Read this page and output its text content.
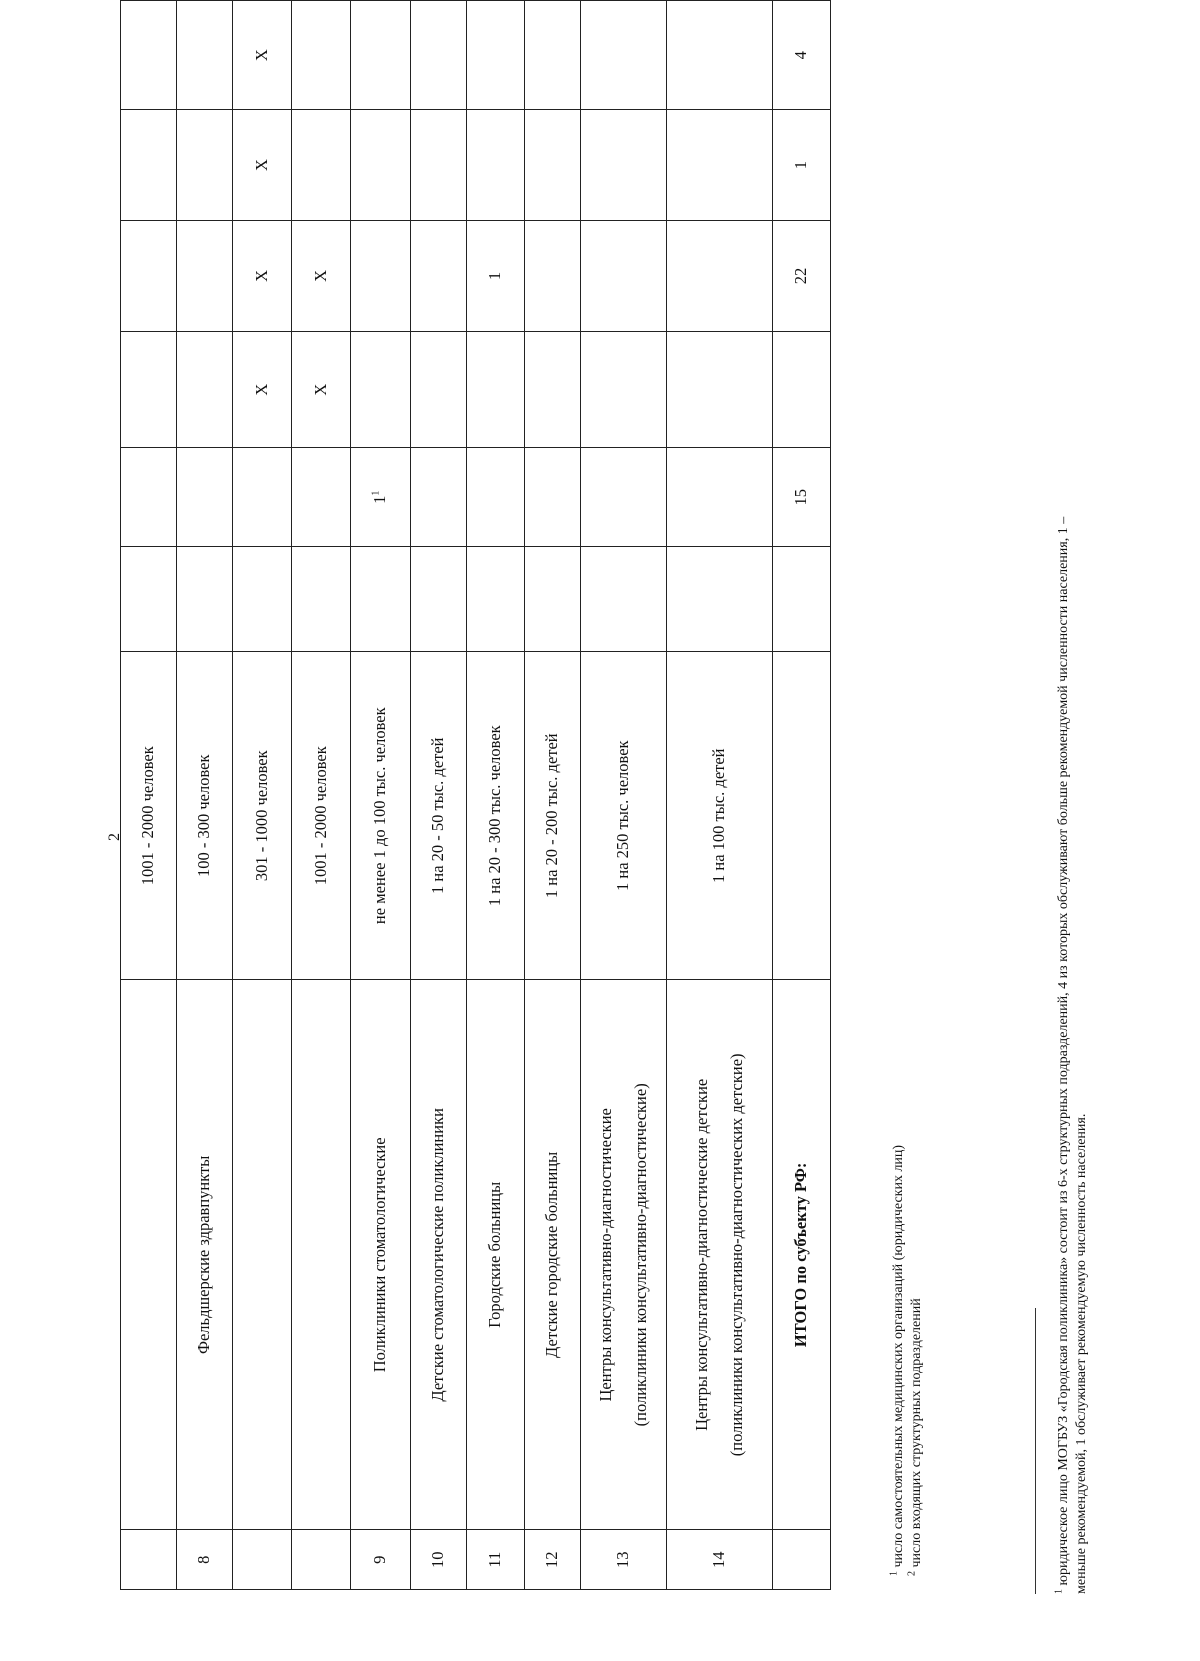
2
		1001 - 2000 человек						
8	Фельдшерские здравпункты	100 - 300 человек						
		301 - 1000 человек			X	X	X	X
		1001 - 2000 человек			X	X		
9	Поликлиники стоматологические	не менее 1 до 100 тыс. человек		$1^1$				
10	Детские стоматологические поликлиники	1 на 20 - 50 тыс. детей						
11	Городские больницы	1 на 20 - 300 тыс. человек				1		
12	Детские городские больницы	1 на 20 - 200 тыс. детей						
13	Центры консультативно-диагностические (поликлиники консультативно-диагностические)	1 на 250 тыс. человек						
14	Центры консультативно-диагностические детские (поликлиники консультативно-диагностических детские)	1 на 100 тыс. детей						
	ИТОГО по субъекту РФ:			15		22	1	4
$^1$ число самостоятельных медицинских организаций (юридических лиц)
$^2$ число входящих структурных подразделений
$^1$ юридическое лицо МОГБУЗ «Городская поликлиника» состоит из 6-х структурных подразделений, 4 из которых обслуживают больше рекомендуемой численности населения, 1 – меньше рекомендуемой, 1 обслуживает рекомендуемую численность населения.
